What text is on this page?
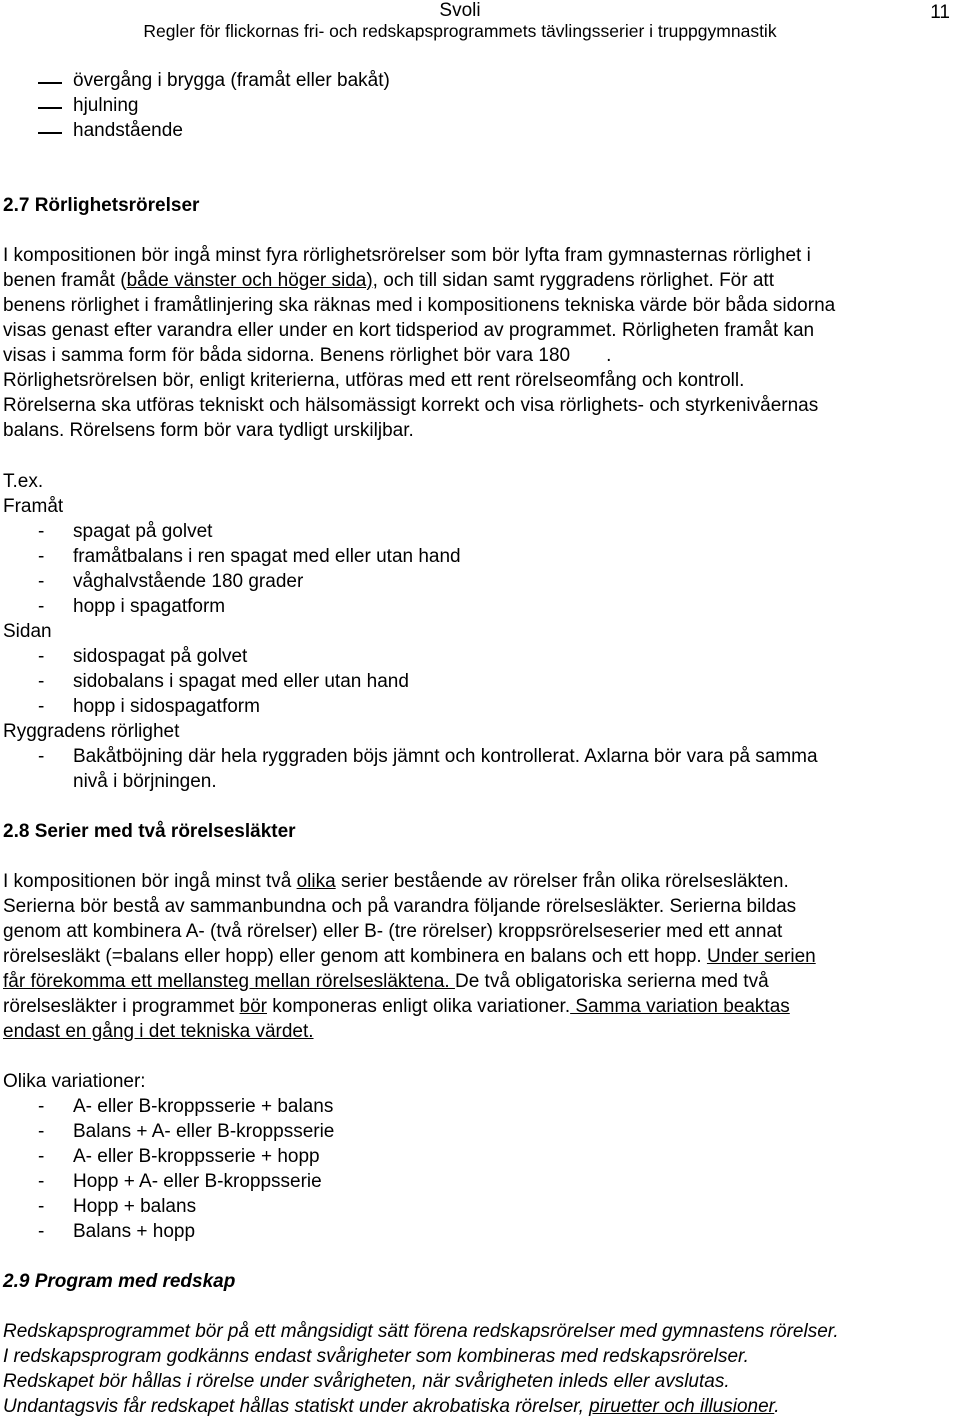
Svoli
Regler för flickornas fri- och redskapsprogrammets tävlingsserier i truppgymnastik
11
övergång i brygga (framåt eller bakåt)
hjulning
handstående
2.7 Rörlighetsrörelser
I kompositionen bör ingå minst fyra rörlighetsrörelser som bör lyfta fram gymnasternas rörlighet i
benen framåt (både vänster och höger sida), och till sidan samt ryggradens rörlighet. För att
benens rörlighet i framåtlinjering ska räknas med i kompositionens tekniska värde bör båda sidorna
visas genast efter varandra eller under en kort tidsperiod av programmet. Rörligheten framåt kan
visas i samma form för båda sidorna. Benens rörlighet bör vara 180 .
Rörlighetsrörelsen bör, enligt kriterierna, utföras med ett rent rörelseomfång och kontroll.
Rörelserna ska utföras tekniskt och hälsomässigt korrekt och visa rörlighets- och styrkenivåernas
balans. Rörelsens form bör vara tydligt urskiljbar.
T.ex.
Framåt
- spagat på golvet
- framåtbalans i ren spagat med eller utan hand
- våghalvstående 180 grader
- hopp i spagatform
Sidan
- sidospagat på golvet
- sidobalans i spagat med eller utan hand
- hopp i sidospagatform
Ryggradens rörlighet
- Bakåtböjning där hela ryggraden böjs jämnt och kontrollerat. Axlarna bör vara på samma
nivå i börjningen.
2.8 Serier med två rörelsesläkter
I kompositionen bör ingå minst två olika serier bestående av rörelser från olika rörelsesläkten.
Serierna bör bestå av sammanbundna och på varandra följande rörelsesläkter. Serierna bildas
genom att kombinera A- (två rörelser) eller B- (tre rörelser) kroppsrörelseserier med ett annat
rörelsesläkt (=balans eller hopp) eller genom att kombinera en balans och ett hopp. Under serien
får förekomma ett mellansteg mellan rörelsesläktena. De två obligatoriska serierna med två
rörelsesläkter i programmet bör komponeras enligt olika variationer. Samma variation beaktas
endast en gång i det tekniska värdet.
Olika variationer:
- A- eller B-kroppsserie + balans
- Balans + A- eller B-kroppsserie
- A- eller B-kroppsserie + hopp
- Hopp + A- eller B-kroppsserie
- Hopp + balans
- Balans + hopp
2.9 Program med redskap
Redskapsprogrammet bör på ett mångsidigt sätt förena redskapsrörelser med gymnastens rörelser.
I redskapsprogram godkänns endast svårigheter som kombineras med redskapsrörelser.
Redskapet bör hållas i rörelse under svårigheten, när svårigheten inleds eller avslutas.
Undantagsvis får redskapet hållas statiskt under akrobatiska rörelser, piruetter och illusioner.
